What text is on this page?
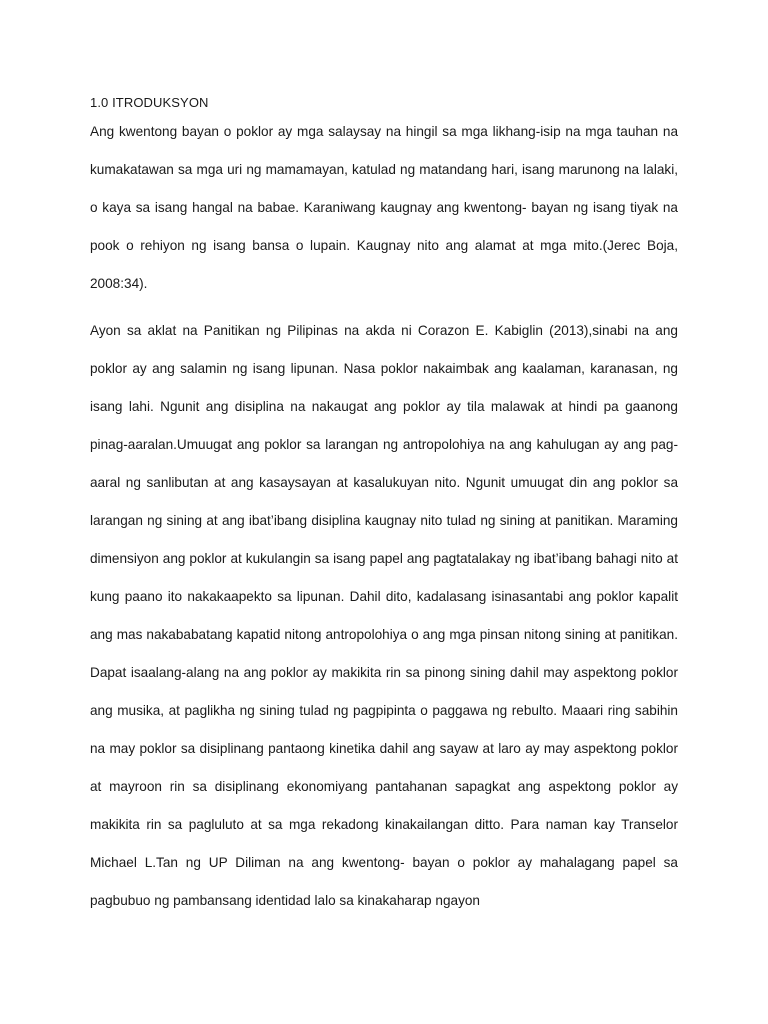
1.0 ITRODUKSYON

Ang kwentong bayan o poklor ay mga salaysay na hingil sa mga likhang-isip na mga tauhan na kumakatawan sa mga uri ng mamamayan, katulad ng matandang hari, isang marunong na lalaki, o kaya sa isang hangal na babae. Karaniwang kaugnay ang kwentong- bayan ng isang tiyak na pook o rehiyon ng isang bansa o lupain. Kaugnay nito ang alamat at mga mito.(Jerec Boja, 2008:34).

Ayon sa aklat na Panitikan ng Pilipinas na akda ni Corazon E. Kabiglin (2013),sinabi na ang poklor ay ang salamin ng isang lipunan. Nasa poklor nakaimbak ang kaalaman, karanasan, ng isang lahi. Ngunit ang disiplina na nakaugat ang poklor ay tila malawak at hindi pa gaanong pinag-aaralan.Umuugat ang poklor sa larangan ng antropolohiya na ang kahulugan ay ang pag-aaral ng sanlibutan at ang kasaysayan at kasalukuyan nito. Ngunit umuugat din ang poklor sa larangan ng sining at ang ibat’ibang disiplina kaugnay nito tulad ng sining at panitikan. Maraming dimensiyon ang poklor at kukulangin sa isang papel ang pagtatalakay ng ibat’ibang bahagi nito at kung paano ito nakakaapekto sa lipunan. Dahil dito, kadalasang isinasantabi ang poklor kapalit ang mas nakababatang kapatid nitong antropolohiya o ang mga pinsan nitong sining at panitikan. Dapat isaalang-alang na ang poklor ay makikita rin sa pinong sining dahil may aspektong poklor ang musika, at paglikha ng sining tulad ng pagpipinta o paggawa ng rebulto. Maaari ring sabihin na may poklor sa disiplinang pantaong kinetika dahil ang sayaw at laro ay may aspektong poklor at mayroon rin sa disiplinang ekonomiyang pantahanan sapagkat ang aspektong poklor ay makikita rin sa pagluluto at sa mga rekadong kinakailangan ditto. Para naman kay Transelor Michael L.Tan ng UP Diliman na ang kwentong- bayan o poklor ay mahalagang papel sa pagbubuo ng pambansang identidad lalo sa kinakaharap ngayon
